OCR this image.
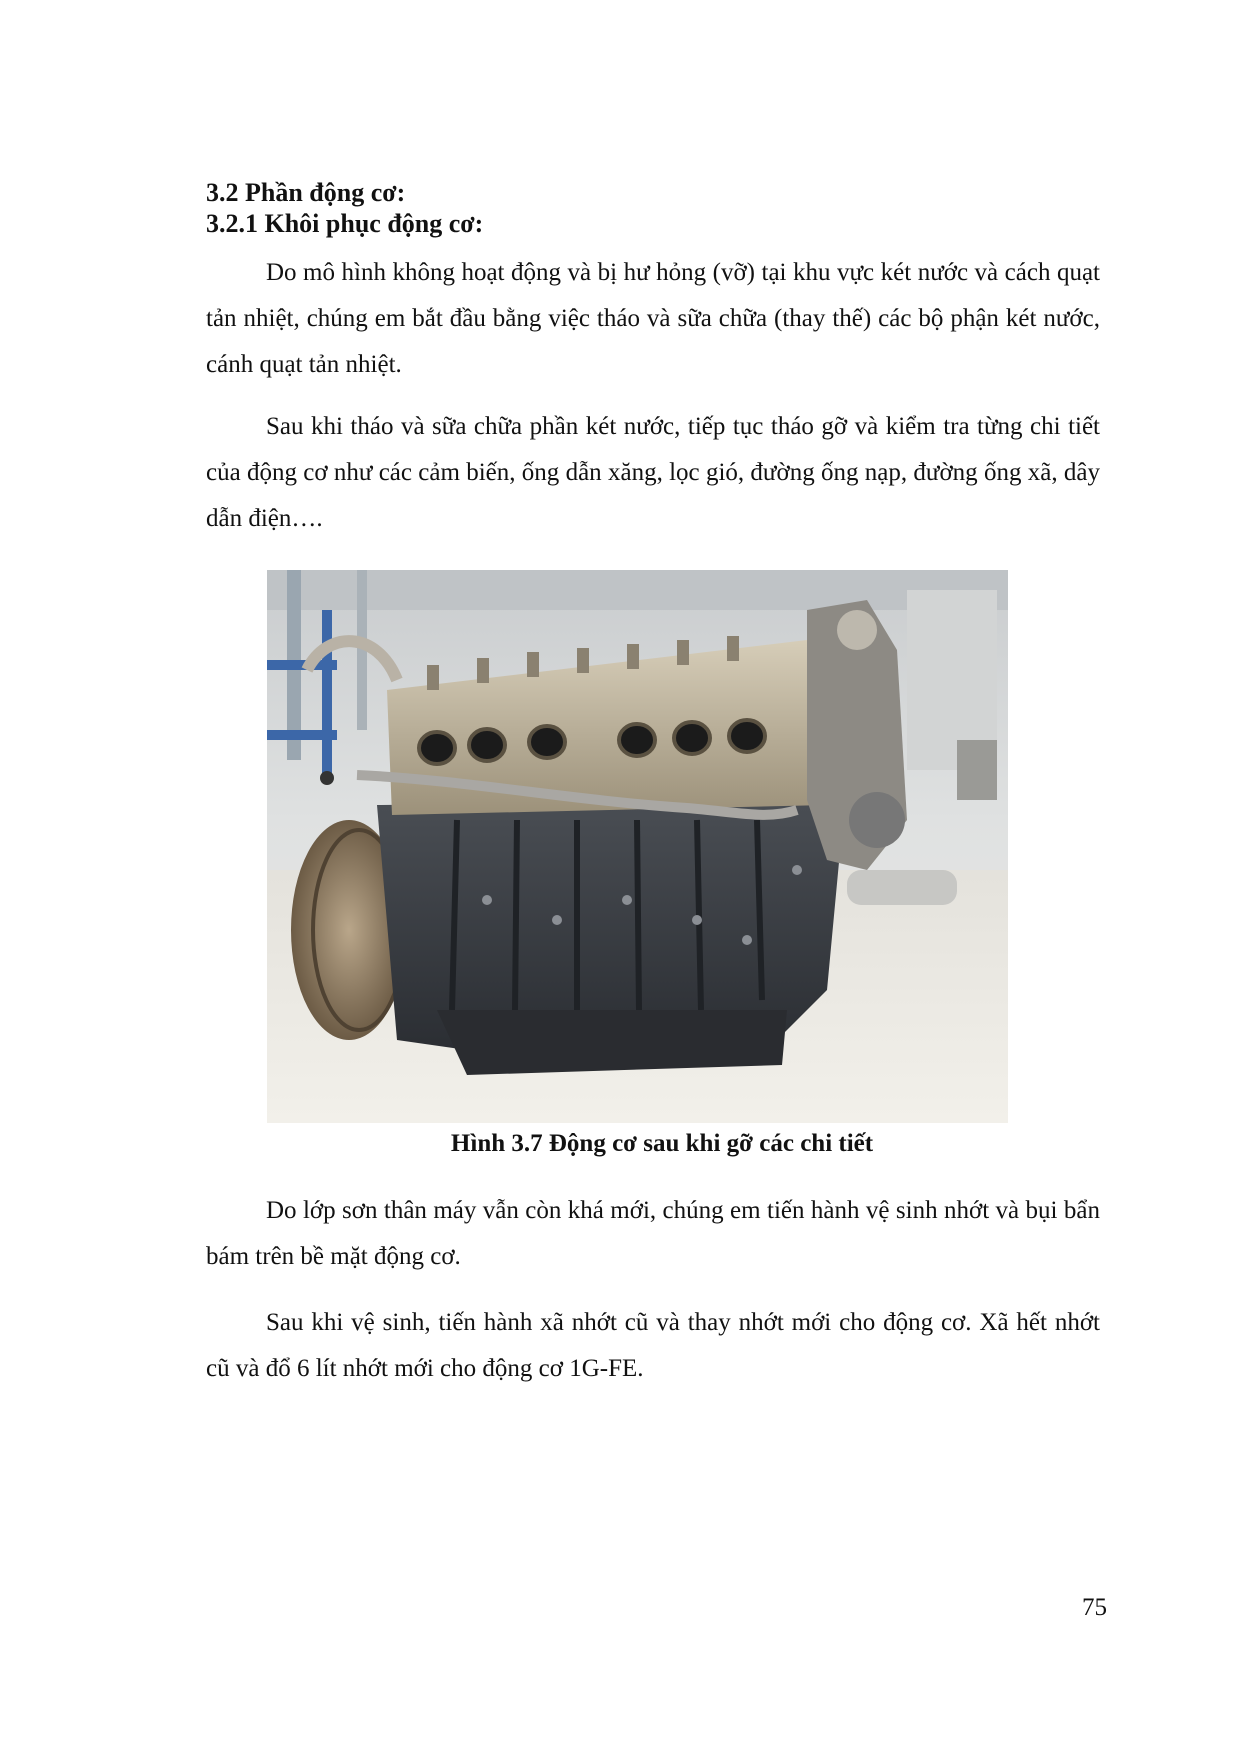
3.2 Phần động cơ:
3.2.1 Khôi phục động cơ:

Do mô hình không hoạt động và bị hư hỏng (vỡ) tại khu vực két nước và cách quạt tản nhiệt, chúng em bắt đầu bằng việc tháo và sữa chữa (thay thế) các bộ phận két nước, cánh quạt tản nhiệt.

Sau khi tháo và sữa chữa phần két nước, tiếp tục tháo gỡ và kiểm tra từng chi tiết của động cơ như các cảm biến, ống dẫn xăng, lọc gió, đường ống nạp, đường ống xã, dây dẫn điện….

Hình 3.7 Động cơ sau khi gỡ các chi tiết

Do lớp sơn thân máy vẫn còn khá mới, chúng em tiến hành vệ sinh nhớt và bụi bẩn bám trên bề mặt động cơ.

Sau khi vệ sinh, tiến hành xã nhớt cũ và thay nhớt mới cho động cơ. Xã hết nhớt cũ và đổ 6 lít nhớt mới cho động cơ 1G-FE.

75
